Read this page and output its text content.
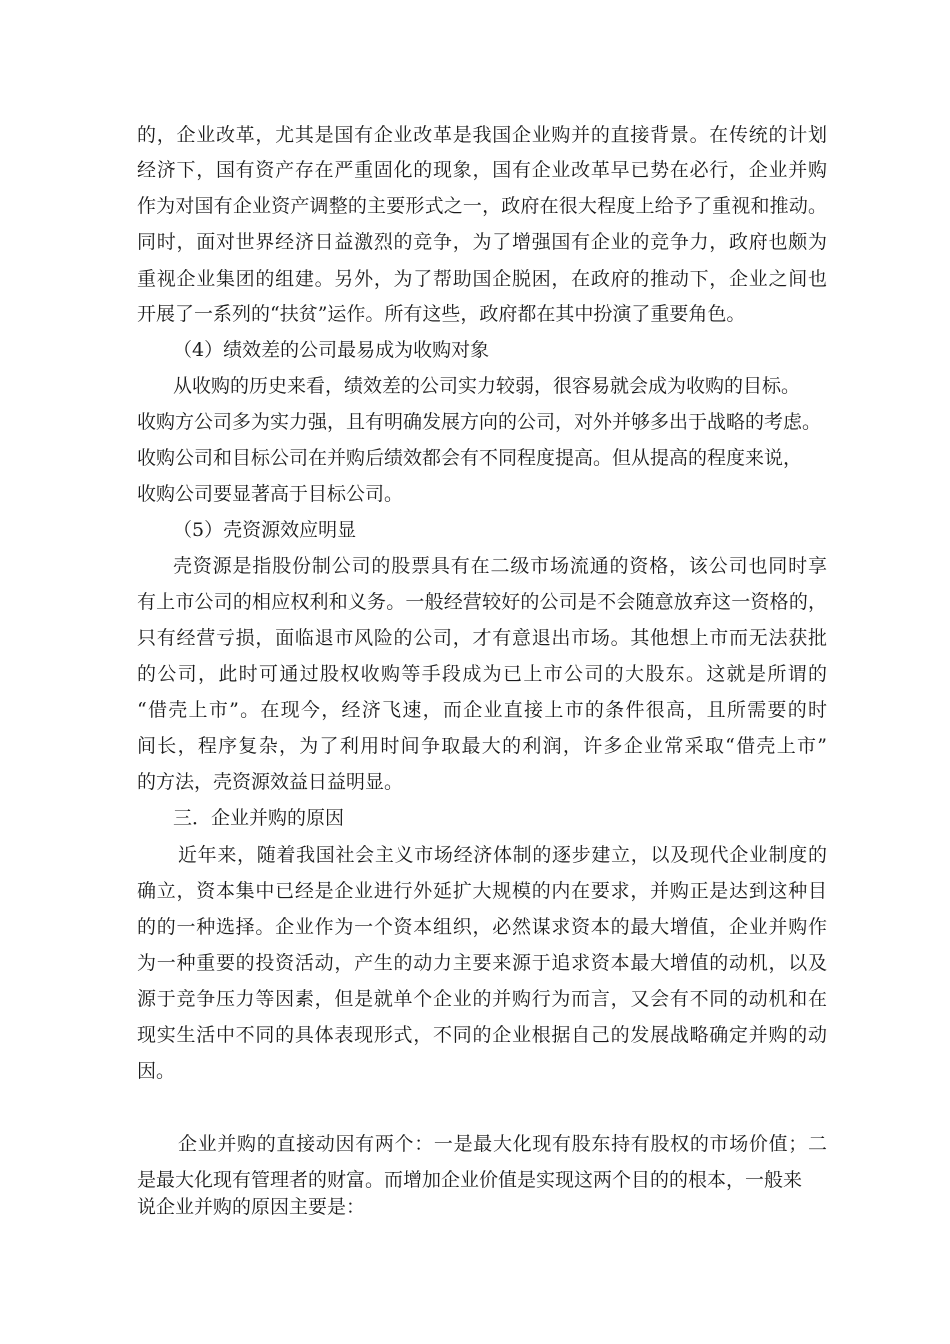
的，企业改革，尤其是国有企业改革是我国企业购并的直接背景。在传统的计划
经济下，国有资产存在严重固化的现象，国有企业改革早已势在必行，企业并购
作为对国有企业资产调整的主要形式之一，政府在很大程度上给予了重视和推动。
同时，面对世界经济日益激烈的竞争，为了增强国有企业的竞争力，政府也颇为
重视企业集团的组建。另外，为了帮助国企脱困，在政府的推动下，企业之间也
开展了一系列的“扶贫”运作。所有这些，政府都在其中扮演了重要角色。
（4）绩效差的公司最易成为收购对象
从收购的历史来看，绩效差的公司实力较弱，很容易就会成为收购的目标。
收购方公司多为实力强，且有明确发展方向的公司，对外并够多出于战略的考虑。
收购公司和目标公司在并购后绩效都会有不同程度提高。但从提高的程度来说，
收购公司要显著高于目标公司。
（5）壳资源效应明显
壳资源是指股份制公司的股票具有在二级市场流通的资格，该公司也同时享
有上市公司的相应权利和义务。一般经营较好的公司是不会随意放弃这一资格的，
只有经营亏损，面临退市风险的公司，才有意退出市场。其他想上市而无法获批
的公司，此时可通过股权收购等手段成为已上市公司的大股东。这就是所谓的
“借壳上市”。在现今，经济飞速，而企业直接上市的条件很高，且所需要的时
间长，程序复杂，为了利用时间争取最大的利润，许多企业常采取“借壳上市”
的方法，壳资源效益日益明显。
三．企业并购的原因
近年来，随着我国社会主义市场经济体制的逐步建立，以及现代企业制度的
确立，资本集中已经是企业进行外延扩大规模的内在要求，并购正是达到这种目
的的一种选择。企业作为一个资本组织，必然谋求资本的最大增值，企业并购作
为一种重要的投资活动，产生的动力主要来源于追求资本最大增值的动机，以及
源于竞争压力等因素，但是就单个企业的并购行为而言，又会有不同的动机和在
现实生活中不同的具体表现形式，不同的企业根据自己的发展战略确定并购的动
因。
企业并购的直接动因有两个：一是最大化现有股东持有股权的市场价值；二
是最大化现有管理者的财富。而增加企业价值是实现这两个目的的根本，一般来
说企业并购的原因主要是：
